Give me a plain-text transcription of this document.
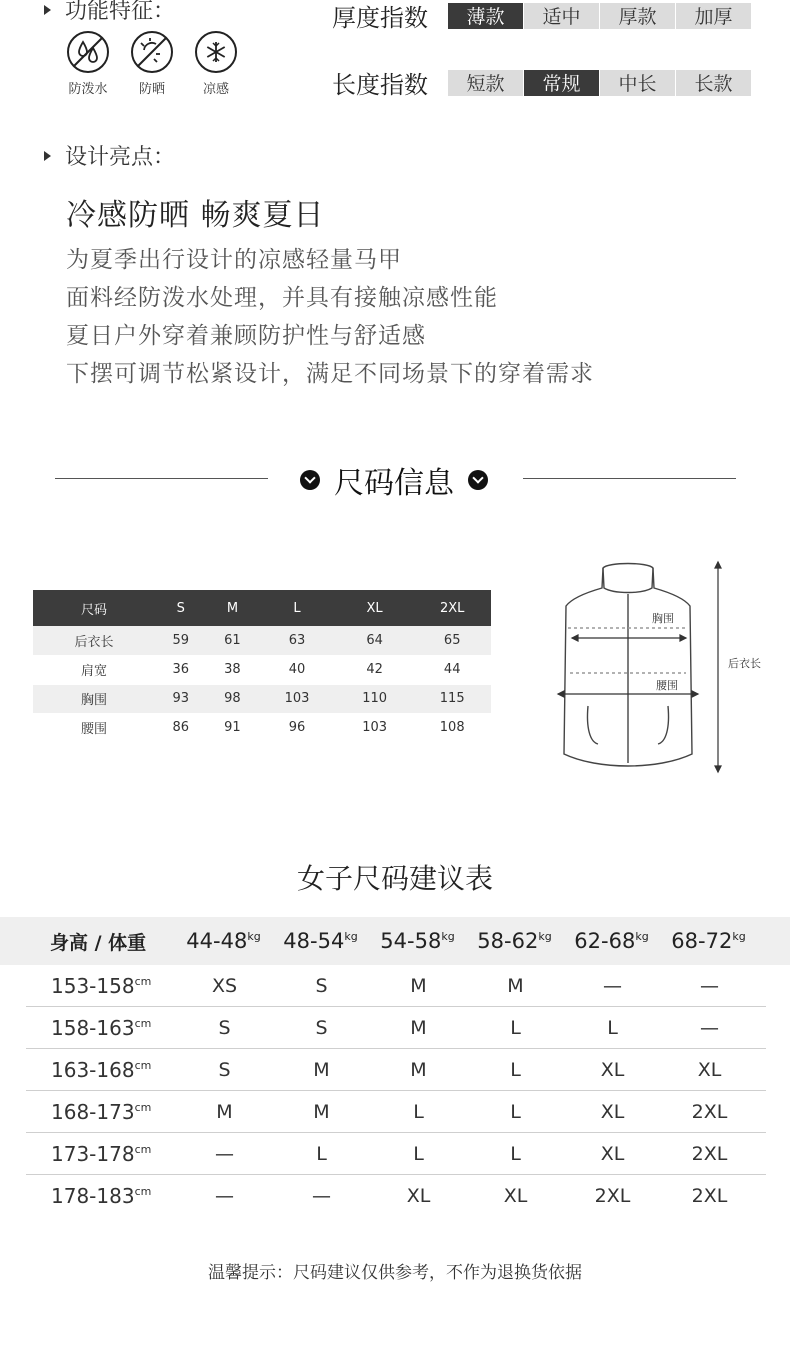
功能特征：
防泼水 防晒	凉感
厚度指数	薄款	适中	厚款	加厚
长度指数	短款	常规	中长	长款
设计亮点：
冷感防晒 畅爽夏日
为夏季出行设计的凉感轻量马甲
面料经防泼水处理，并具有接触凉感性能
夏日户外穿着兼顾防护性与舒适感
下摆可调节松紧设计，满足不同场景下的穿着需求
尺码信息
尺码	S	M	L	XL	2XL
后衣长	59	61	63	64	65
肩宽	36	38	40	42	44
胸围	93	98	103	110	115
腰围	86	91	96	103	108
胸围
腰围
后衣长
女子尺码建议表
身高 / 体重	$44-48^{kg}$	$48-54^{kg}$	$54-58^{kg}$	$58-62^{kg}$	$62-68^{kg}$	$68-72^{kg}$
$153-158^{cm}$	XS	S	M	M	—	—
$158-163^{cm}$	S	S	M	L	L	—
$163-168^{cm}$	S	M	M	L	XL	XL
$168-173^{cm}$	M	M	L	L	XL	2XL
$173-178^{cm}$	—	L	L	L	XL	2XL
$178-183^{cm}$	—	—	XL	XL	2XL	2XL
温馨提示：尺码建议仅供参考，不作为退换货依据
